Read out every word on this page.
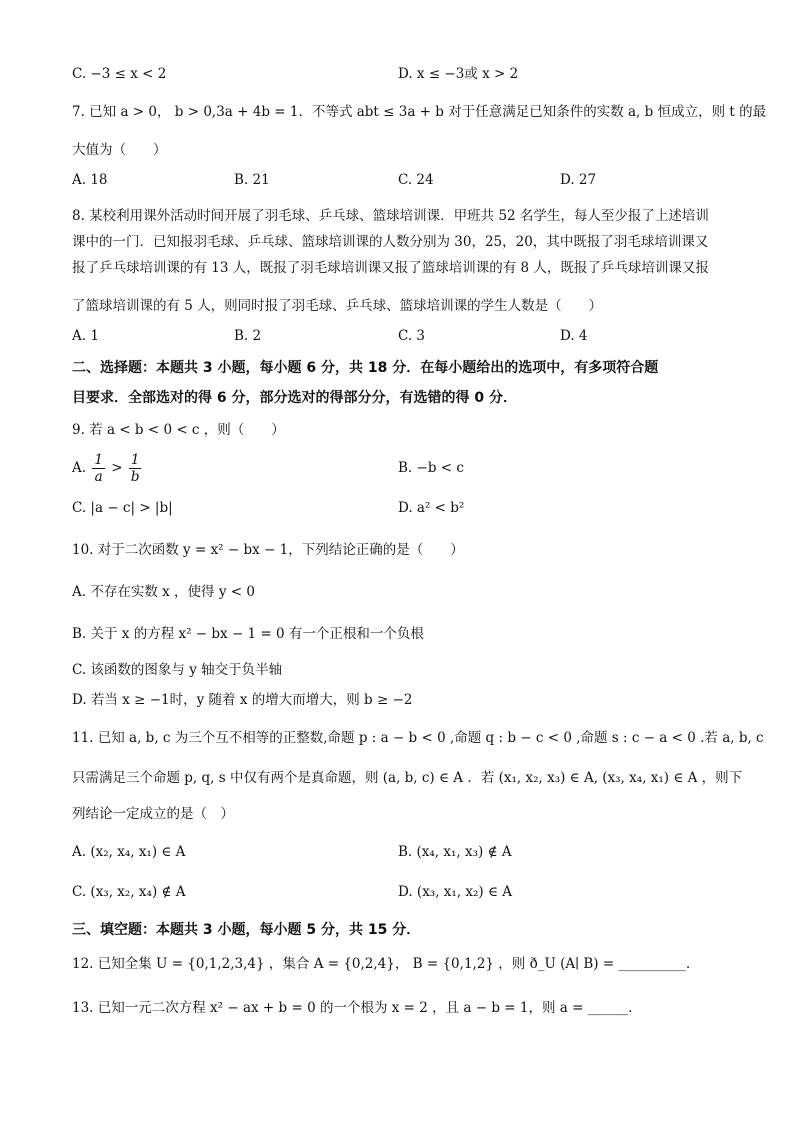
C. −3 ≤ x < 2	D. x ≤ −3或 x > 2
7. 已知 a > 0， b > 0,3a + 4b = 1．不等式 abt ≤ 3a + b 对于任意满足已知条件的实数 a, b 恒成立，则 t 的最
大值为（　　）
A. 18	B. 21	C. 24	D. 27
8. 某校利用课外活动时间开展了羽毛球、乒乓球、篮球培训课．甲班共 52 名学生，每人至少报了上述培训
课中的一门．已知报羽毛球、乒乓球、篮球培训课的人数分别为 30，25，20，其中既报了羽毛球培训课又
报了乒乓球培训课的有 13 人，既报了羽毛球培训课又报了篮球培训课的有 8 人，既报了乒乓球培训课又报
了篮球培训课的有 5 人，则同时报了羽毛球、乒乓球、篮球培训课的学生人数是（　　）
A. 1	B. 2	C. 3	D. 4
二、选择题：本题共 3 小题，每小题 6 分，共 18 分．在每小题给出的选项中，有多项符合题
目要求．全部选对的得 6 分，部分选对的得部分分，有选错的得 0 分．
9. 若 a < b < 0 < c ，则（　　）
A. $\frac{1}{a} > \frac{1}{b}$	B. −b < c
C. |a − c| > |b|	D. a² < b²
10. 对于二次函数 y = x² − bx − 1，下列结论正确的是（　　）
A. 不存在实数 x ，使得 y < 0
B. 关于 x 的方程 x² − bx − 1 = 0 有一个正根和一个负根
C. 该函数的图象与 y 轴交于负半轴
D. 若当 x ≥ −1时，y 随着 x 的增大而增大，则 b ≥ −2
11. 已知 a, b, c 为三个互不相等的正整数,命题 p : a − b < 0 ,命题 q : b − c < 0 ,命题 s : c − a < 0 .若 a, b, c
只需满足三个命题 p, q, s 中仅有两个是真命题，则 (a, b, c) ∈ A ．若 (x₁, x₂, x₃) ∈ A, (x₃, x₄, x₁) ∈ A ，则下
列结论一定成立的是（　）
A. (x₂, x₄, x₁) ∈ A	B. (x₄, x₁, x₃) ∉ A
C. (x₃, x₂, x₄) ∉ A	D. (x₃, x₁, x₂) ∈ A
三、填空题：本题共 3 小题，每小题 5 分，共 15 分．
12. 已知全集 U = {0,1,2,3,4} ，集合 A = {0,2,4}， B = {0,1,2} ，则 ð_U (A∣ B) = __________．
13. 已知一元二次方程 x² − ax + b = 0 的一个根为 x = 2 ，且 a − b = 1，则 a = ______．
